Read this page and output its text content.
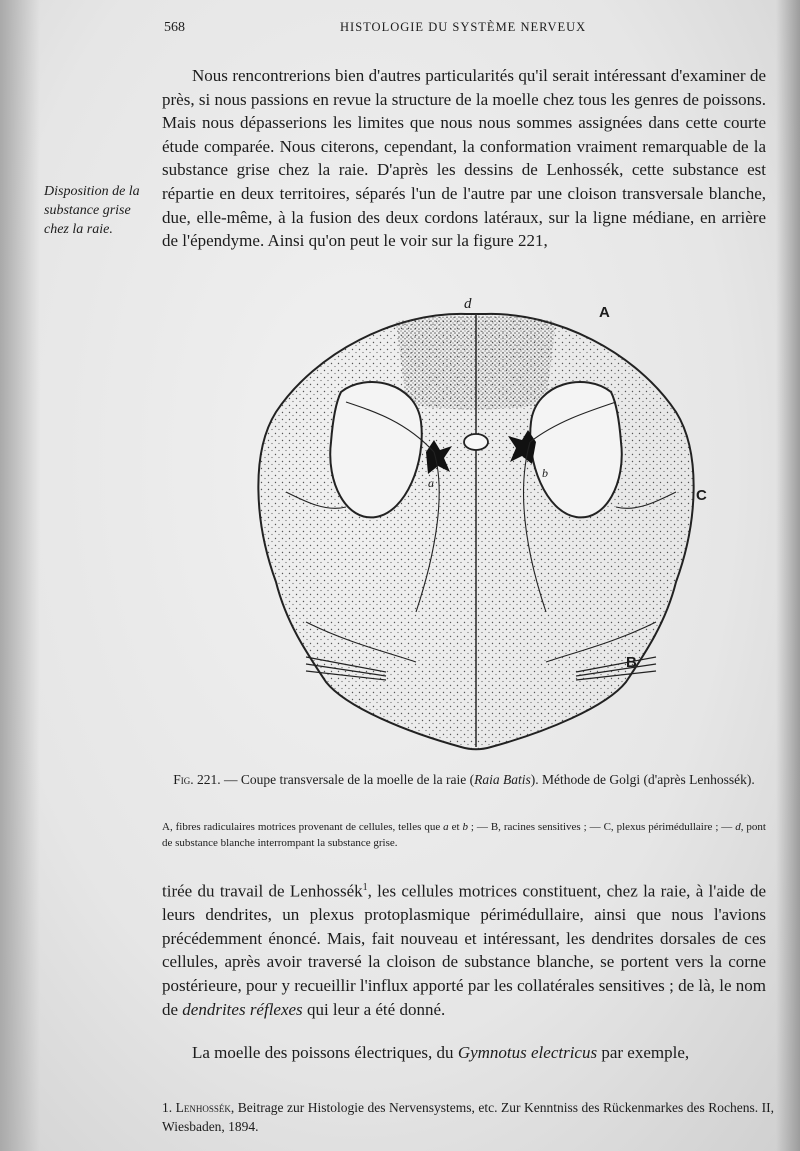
568	HISTOLOGIE DU SYSTÈME NERVEUX
Nous rencontrerions bien d'autres particularités qu'il serait intéressant d'examiner de près, si nous passions en revue la structure de la moelle chez tous les genres de poissons. Mais nous dépasserions les limites que nous nous sommes assignées dans cette courte étude comparée. Nous citerons, cependant, la conformation vraiment remarquable de la substance grise chez la raie. D'après les dessins de Lenhossék, cette substance est répartie en deux territoires, séparés l'un de l'autre par une cloison transversale blanche, due, elle-même, à la fusion des deux cordons latéraux, sur la ligne médiane, en arrière de l'épendyme. Ainsi qu'on peut le voir sur la figure 221,
Disposition de la substance grise chez la raie.
A
C
B
d
a
b
Fig. 221. — Coupe transversale de la moelle de la raie (Raia Batis). Méthode de Golgi (d'après Lenhossék).
A, fibres radiculaires motrices provenant de cellules, telles que a et b ; — B, racines sensitives ; — C, plexus périmédullaire ; — d, pont de substance blanche interrompant la substance grise.
tirée du travail de Lenhossék$^1$, les cellules motrices constituent, chez la raie, à l'aide de leurs dendrites, un plexus protoplasmique périmédullaire, ainsi que nous l'avions précédemment énoncé. Mais, fait nouveau et intéressant, les dendrites dorsales de ces cellules, après avoir traversé la cloison de substance blanche, se portent vers la corne postérieure, pour y recueillir l'influx apporté par les collatérales sensitives ; de là, le nom de dendrites réflexes qui leur a été donné.
La moelle des poissons électriques, du Gymnotus electricus par exemple,
1. Lenhossék, Beitrage zur Histologie des Nervensystems, etc. Zur Kenntniss des Rückenmarkes des Rochens. II, Wiesbaden, 1894.
